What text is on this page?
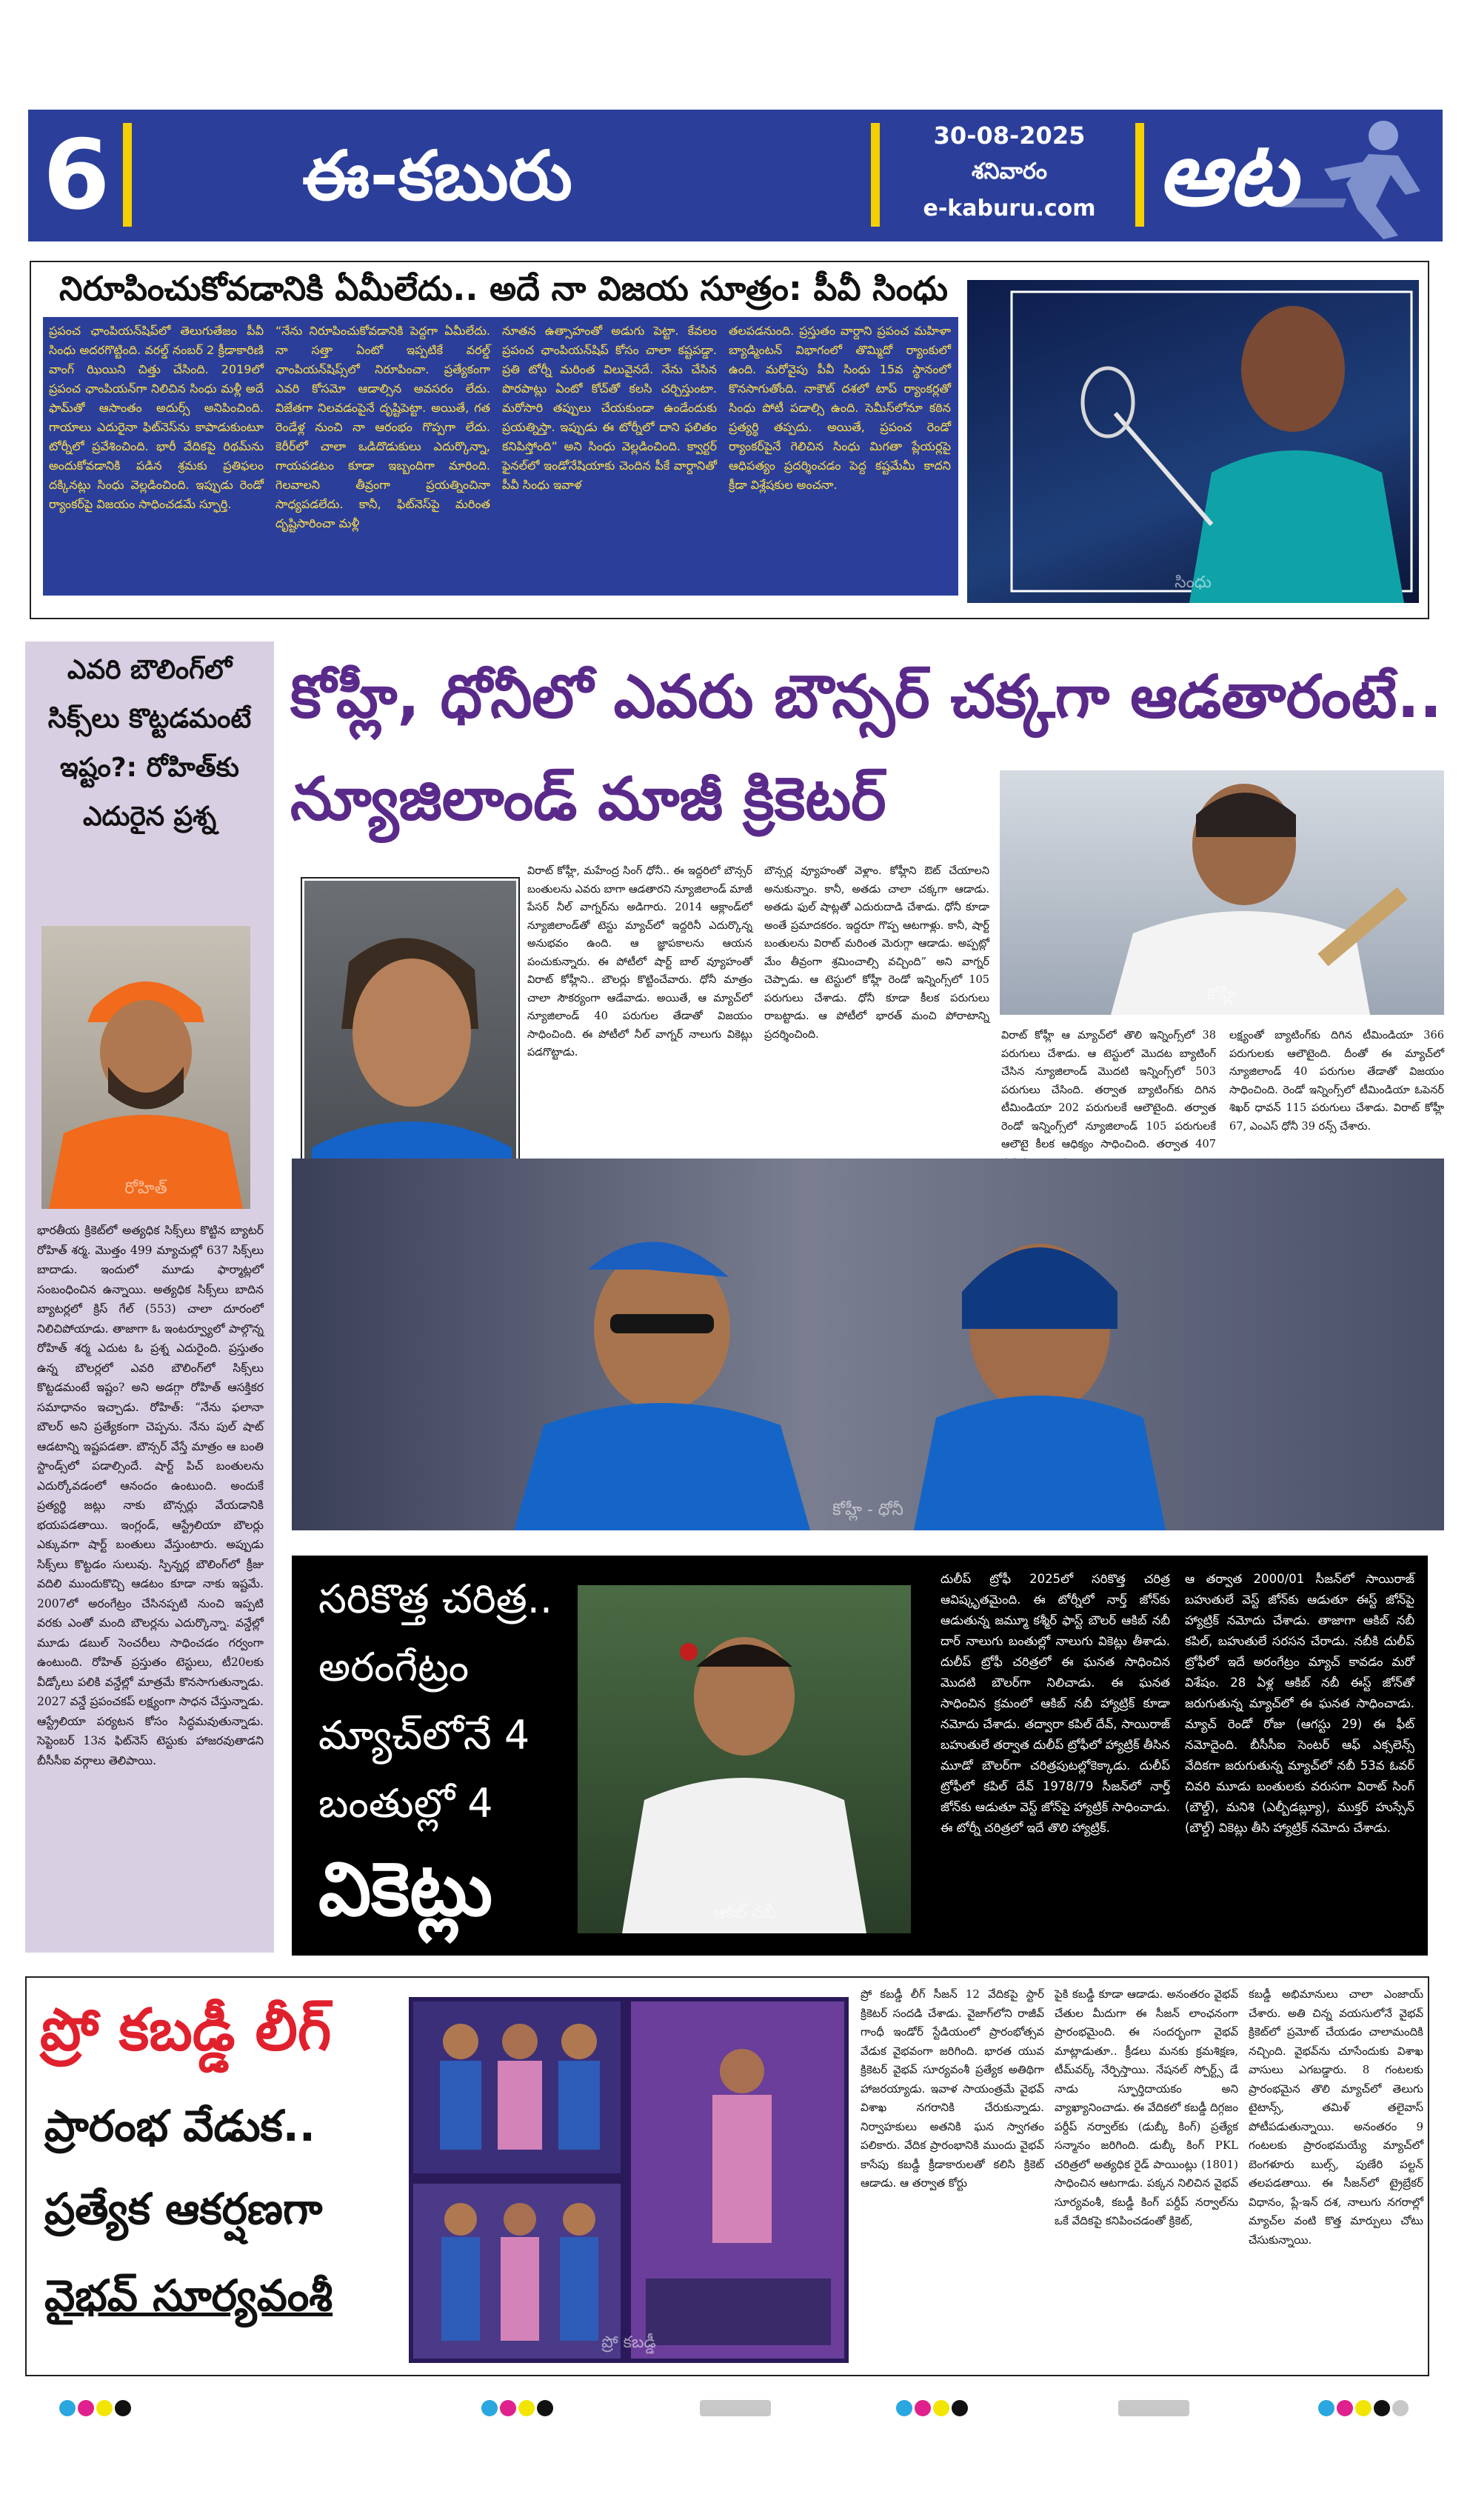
6	ఈ-కబురు
30-08-2025
శనివారం
e-kaburu.com ఆట
నిరూపించుకోవడానికి ఏమీలేదు.. అదే నా విజయ సూత్రం: పీవీ సింధు
ప్రపంచ ఛాంపియన్‌షిప్‌లో తెలుగుతేజం పీవీ సింధు అదరగొట్టింది. వరల్డ్ నంబర్ 2 క్రీడాకారిణి వాంగ్ ఝియిని చిత్తు చేసింది. 2019లో ప్రపంచ ఛాంపియన్‌గా నిలిచిన సింధు మళ్లీ అదే ఫామ్‌తో ఆసాంతం అదుర్స్ అనిపించింది. గాయాలు ఎదురైనా ఫిట్‌నెస్‌ను కాపాడుకుంటూ టోర్నీలో ప్రవేశించింది. భారీ వేదికపై రిథమ్‌ను అందుకోవడానికి పడిన శ్రమకు ప్రతిఫలం దక్కినట్లు సింధు వెల్లడించింది. ఇప్పుడు రెండో ర్యాంకర్‌పై విజయం సాధించడమే స్ఫూర్తి.
“నేను నిరూపించుకోవడానికి పెద్దగా ఏమీలేదు. నా సత్తా ఏంటో ఇప్పటికే వరల్డ్ ఛాంపియన్‌షిప్స్‌లో నిరూపించా. ప్రత్యేకంగా ఎవరి కోసమో ఆడాల్సిన అవసరం లేదు. విజేతగా నిలవడంపైనే దృష్టిపెట్టా. అయితే, గత రెండేళ్ల నుంచి నా ఆరంభం గొప్పగా లేదు. కెరీర్‌లో చాలా ఒడిదొడుకులు ఎదుర్కొన్నా, గాయపడటం కూడా ఇబ్బందిగా మారింది. గెలవాలని తీవ్రంగా ప్రయత్నించినా సాధ్యపడలేదు. కానీ, ఫిట్‌నెస్‌పై మరింత దృష్టిసారించా మళ్లీ
నూతన ఉత్సాహంతో అడుగు పెట్టా. కేవలం ప్రపంచ ఛాంపియన్‌షిప్ కోసం చాలా కష్టపడ్డా. ప్రతి టోర్నీ మరింత విలువైనదే. నేను చేసిన పొరపాట్లు ఏంటో కోచ్‌తో కలసి చర్చిస్తుంటా. మరోసారి తప్పులు చేయకుండా ఉండేందుకు ప్రయత్నిస్తా. ఇప్పుడు ఈ టోర్నీలో దాని ఫలితం కనిపిస్తోంది” అని సింధు వెల్లడించింది. క్వార్టర్ ఫైనల్‌లో ఇండోనేషియాకు చెందిన పీకే వార్దానితో పీవీ సింధు ఇవాళ
తలపడనుంది. ప్రస్తుతం వార్దాని ప్రపంచ మహిళా బ్యాడ్మింటన్ విభాగంలో తొమ్మిదో ర్యాంకులో ఉంది. మరోవైపు పీవీ సింధు 15వ స్థానంలో కొనసాగుతోంది. నాకౌట్ దశలో టాప్ ర్యాంకర్లతో సింధు పోటీ పడాల్సి ఉంది. సెమీస్‌లోనూ కఠిన ప్రత్యర్థి తప్పదు. అయితే, ప్రపంచ రెండో ర్యాంకర్‌పైనే గెలిచిన సింధు మిగతా ప్లేయర్లపై ఆధిపత్యం ప్రదర్శించడం పెద్ద కష్టమేమీ కాదని క్రీడా విశ్లేషకుల అంచనా.
సింధు
ఎవరి బౌలింగ్‌లో సిక్స్‌లు కొట్టడమంటే ఇష్టం?: రోహిత్‌కు ఎదురైన ప్రశ్న
రోహిత్
భారతీయ క్రికెట్‌లో అత్యధిక సిక్స్‌లు కొట్టిన బ్యాటర్ రోహిత్ శర్మ. మొత్తం 499 మ్యాచుల్లో 637 సిక్స్‌లు బాదాడు. ఇందులో మూడు ఫార్మాట్లలో సంబంధించిన ఉన్నాయి. అత్యధిక సిక్స్‌లు బాదిన బ్యాటర్లలో క్రిస్ గేల్ (553) చాలా దూరంలో నిలిచిపోయాడు. తాజాగా ఓ ఇంటర్వ్యూలో పాల్గొన్న రోహిత్ శర్మ ఎదుట ఓ ప్రశ్న ఎదురైంది. ప్రస్తుతం ఉన్న బౌలర్లలో ఎవరి బౌలింగ్‌లో సిక్స్‌లు కొట్టడమంటే ఇష్టం? అని అడగ్గా రోహిత్ ఆసక్తికర సమాధానం ఇచ్చాడు. రోహిత్: “నేను ఫలానా బౌలర్ అని ప్రత్యేకంగా చెప్పను. నేను పుల్ షాట్ ఆడటాన్ని ఇష్టపడతా. బౌన్సర్ వేస్తే మాత్రం ఆ బంతి స్టాండ్స్‌లో పడాల్సిందే. షార్ట్ పిచ్ బంతులను ఎదుర్కోవడంలో ఆనందం ఉంటుంది. అందుకే ప్రత్యర్థి జట్లు నాకు బౌన్సర్లు వేయడానికి భయపడతాయి. ఇంగ్లండ్, ఆస్ట్రేలియా బౌలర్లు ఎక్కువగా షార్ట్ బంతులు వేస్తుంటారు. అప్పుడు సిక్స్‌లు కొట్టడం సులువు. స్పిన్నర్ల బౌలింగ్‌లో క్రీజు వదిలి ముందుకొచ్చి ఆడటం కూడా నాకు ఇష్టమే. 2007లో అరంగేట్రం చేసినప్పటి నుంచి ఇప్పటి వరకు ఎంతో మంది బౌలర్లను ఎదుర్కొన్నా. వన్డేల్లో మూడు డబుల్ సెంచరీలు సాధించడం గర్వంగా ఉంటుంది. రోహిత్ ప్రస్తుతం టెస్టులు, టీ20లకు వీడ్కోలు పలికి వన్డేల్లో మాత్రమే కొనసాగుతున్నాడు. 2027 వన్డే ప్రపంచకప్ లక్ష్యంగా సాధన చేస్తున్నాడు. ఆస్ట్రేలియా పర్యటన కోసం సిద్ధమవుతున్నాడు. సెప్టెంబర్ 13న ఫిట్‌నెస్ టెస్టుకు హాజరవుతాడని బీసీసీఐ వర్గాలు తెలిపాయి.
కోహ్లీ, ధోనీలో ఎవరు బౌన్సర్ చక్కగా ఆడతారంటే..
న్యూజిలాండ్ మాజీ క్రికెటర్
విరాట్ కోహ్లీ, మహేంద్ర సింగ్ ధోనీ.. ఈ ఇద్దరిలో బౌన్సర్ బంతులను ఎవరు బాగా ఆడతారని న్యూజిలాండ్ మాజీ పేసర్ నీల్ వాగ్నర్‌ను అడిగారు. 2014 ఆక్లాండ్‌లో న్యూజిలాండ్‌తో టెస్టు మ్యాచ్‌లో ఇద్దరినీ ఎదుర్కొన్న అనుభవం ఉంది. ఆ జ్ఞాపకాలను ఆయన పంచుకున్నారు. ఈ పోటీలో షార్ట్ బాల్ వ్యూహంతో విరాట్ కోహ్లీని.. బౌలర్లు కొట్టించేవారు. ధోనీ మాత్రం చాలా సౌకర్యంగా ఆడేవాడు. అయితే, ఆ మ్యాచ్‌లో న్యూజిలాండ్ 40 పరుగుల తేడాతో విజయం సాధించింది. ఈ పోటీలో నీల్ వాగ్నర్ నాలుగు వికెట్లు పడగొట్టాడు.
బౌన్సర్ల వ్యూహంతో వెళ్లాం. కోహ్లీని ఔట్ చేయాలని అనుకున్నాం. కానీ, అతడు చాలా చక్కగా ఆడాడు. అతడు ఫుల్ షాట్లతో ఎదురుదాడి చేశాడు. ధోనీ కూడా అంతే ప్రమాదకరం. ఇద్దరూ గొప్ప ఆటగాళ్లు. కానీ, షార్ట్ బంతులను విరాట్ మరింత మెరుగ్గా ఆడాడు. అప్పట్లో మేం తీవ్రంగా శ్రమించాల్సి వచ్చింది” అని వాగ్నర్ చెప్పాడు. ఆ టెస్టులో కోహ్లీ రెండో ఇన్నింగ్స్‌లో 105 పరుగులు చేశాడు. ధోనీ కూడా కీలక పరుగులు రాబట్టాడు. ఆ పోటీలో భారత్ మంచి పోరాటాన్ని ప్రదర్శించింది.
కోహ్లీ
విరాట్ కోహ్లీ ఆ మ్యాచ్‌లో తొలి ఇన్నింగ్స్‌లో 38 పరుగులు చేశాడు. ఆ టెస్టులో మొదట బ్యాటింగ్ చేసిన న్యూజిలాండ్ మొదటి ఇన్నింగ్స్‌లో 503 పరుగులు చేసింది. తర్వాత బ్యాటింగ్‌కు దిగిన టీమిండియా 202 పరుగులకే ఆలౌటైంది. తర్వాత రెండో ఇన్నింగ్స్‌లో న్యూజిలాండ్ 105 పరుగులకే ఆలౌటై కీలక ఆధిక్యం సాధించింది. తర్వాత 407
లక్ష్యంతో బ్యాటింగ్‌కు దిగిన టీమిండియా 366 పరుగులకు ఆలౌటైంది. దీంతో ఈ మ్యాచ్‌లో న్యూజిలాండ్ 40 పరుగుల తేడాతో విజయం సాధించింది. రెండో ఇన్నింగ్స్‌లో టీమిండియా ఓపెనర్ శిఖర్ ధావన్ 115 పరుగులు చేశాడు. విరాట్ కోహ్లీ 67, ఎంఎస్ ధోనీ 39 రన్స్ చేశారు.
కోహ్లీ - ధోనీ
సరికొత్త చరిత్ర..
అరంగేట్రం
మ్యాచ్‌లోనే 4
బంతుల్లో 4
వికెట్లు	ఆకిబ్ నబీ
దులీప్ ట్రోఫీ 2025లో సరికొత్త చరిత్ర ఆవిష్కృతమైంది. ఈ టోర్నీలో నార్త్ జోన్‌కు ఆడుతున్న జమ్మూ కశ్మీర్ ఫాస్ట్ బౌలర్ ఆకిబ్ నబీ దార్ నాలుగు బంతుల్లో నాలుగు వికెట్లు తీశాడు. దులీప్ ట్రోఫీ చరిత్రలో ఈ ఘనత సాధించిన మొదటి బౌలర్‌గా నిలిచాడు. ఈ ఘనత సాధించిన క్రమంలో ఆకిబ్ నబీ హ్యాట్రిక్ కూడా నమోదు చేశాడు. తద్వారా కపిల్ దేవ్, సాయిరాజ్ బహుతులే తర్వాత దులీప్ ట్రోఫీలో హ్యాట్రిక్ తీసిన మూడో బౌలర్‌గా చరిత్రపుటల్లోకెక్కాడు. దులీప్ ట్రోఫీలో కపిల్ దేవ్ 1978/79 సీజన్‌లో నార్త్ జోన్‌కు ఆడుతూ వెస్ట్ జోన్‌పై హ్యాట్రిక్ సాధించాడు. ఈ టోర్నీ చరిత్రలో ఇదే తొలి హ్యాట్రిక్.
ఆ తర్వాత 2000/01 సీజన్‌లో సాయిరాజ్ బహుతులే వెస్ట్ జోన్‌కు ఆడుతూ ఈస్ట్ జోన్‌పై హ్యాట్రిక్ నమోదు చేశాడు. తాజాగా ఆకిబ్ నబీ కపిల్, బహుతులే సరసన చేరాడు. నబీకి దులీప్ ట్రోఫీలో ఇదే అరంగేట్రం మ్యాచ్ కావడం మరో విశేషం. 28 ఏళ్ల ఆకిబ్ నబీ ఈస్ట్ జోన్‌తో జరుగుతున్న మ్యాచ్‌లో ఈ ఘనత సాధించాడు. మ్యాచ్ రెండో రోజు (ఆగస్టు 29) ఈ ఫీట్ నమోదైంది. బీసీసీఐ సెంటర్ ఆఫ్ ఎక్సలెన్స్ వేదికగా జరుగుతున్న మ్యాచ్‌లో నబీ 53వ ఓవర్ చివరి మూడు బంతులకు వరుసగా విరాట్ సింగ్ (బౌల్డ్), మనిశి (ఎల్బీడబ్ల్యూ), ముక్తర్ హుస్సేన్ (బౌల్డ్) వికెట్లు తీసి హ్యాట్రిక్ నమోదు చేశాడు.
ప్రో కబడ్డీ లీగ్
ప్రారంభ వేడుక..
ప్రత్యేక ఆకర్షణగా
వైభవ్ సూర్యవంశీ
ప్రో కబడ్డీ
ప్రో కబడ్డీ లీగ్ సీజన్ 12 వేదికపై స్టార్ క్రికెటర్ సందడి చేశాడు. వైజాగ్‌లోని రాజీవ్ గాంధీ ఇండోర్ స్టేడియంలో ప్రారంభోత్సవ వేడుక వైభవంగా జరిగింది. భారత యువ క్రికెటర్ వైభవ్ సూర్యవంశీ ప్రత్యేక అతిథిగా హాజరయ్యాడు. ఇవాళ సాయంత్రమే వైభవ్ విశాఖ నగరానికి చేరుకున్నాడు. నిర్వాహకులు అతనికి ఘన స్వాగతం పలికారు. వేదిక ప్రారంభానికి ముందు వైభవ్ కాసేపు కబడ్డీ క్రీడాకారులతో కలిసి క్రికెట్ ఆడాడు. ఆ తర్వాత కోర్టు
పైకి కబడ్డీ కూడా ఆడాడు. అనంతరం వైభవ్ చేతుల మీదుగా ఈ సీజన్ లాంఛనంగా ప్రారంభమైంది. ఈ సందర్భంగా వైభవ్ మాట్లాడుతూ.. క్రీడలు మనకు క్రమశిక్షణ, టీమ్‌వర్క్ నేర్పిస్తాయి. నేషనల్ స్పోర్ట్స్ డే నాడు స్ఫూర్తిదాయకం అని వ్యాఖ్యానించాడు. ఈ వేదికలో కబడ్డీ దిగ్గజం పర్దీప్ నర్వాల్‌కు (డుబ్కీ కింగ్) ప్రత్యేక సన్మానం జరిగింది. డుబ్కీ కింగ్ PKL చరిత్రలో అత్యధిక రైడ్ పాయింట్లు (1801) సాధించిన ఆటగాడు. పక్కన నిలిచిన వైభవ్ సూర్యవంశీ, కబడ్డీ కింగ్ పర్దీప్ నర్వాల్‌ను ఒకే వేదికపై కనిపించడంతో క్రికెట్,
కబడ్డీ అభిమానులు చాలా ఎంజాయ్ చేశారు. అతి చిన్న వయసులోనే వైభవ్ క్రికెట్‌లో ప్రమోట్ చేయడం చాలామందికి నచ్చింది. వైభవ్‌ను చూసేందుకు విశాఖ వాసులు ఎగబడ్డారు. 8 గంటలకు ప్రారంభమైన తొలి మ్యాచ్‌లో తెలుగు టైటాన్స్, తమిళ్ తలైవాస్ పోటీపడుతున్నాయి. అనంతరం 9 గంటలకు ప్రారంభమయ్యే మ్యాచ్‌లో బెంగళూరు బుల్స్, పుణేరి పల్టన్ తలపడతాయి. ఈ సీజన్‌లో ట్రైబ్రేకర్ విధానం, ప్లే-ఇన్ దశ, నాలుగు నగరాల్లో మ్యాచ్‌ల వంటి కొత్త మార్పులు చోటు చేసుకున్నాయి.
